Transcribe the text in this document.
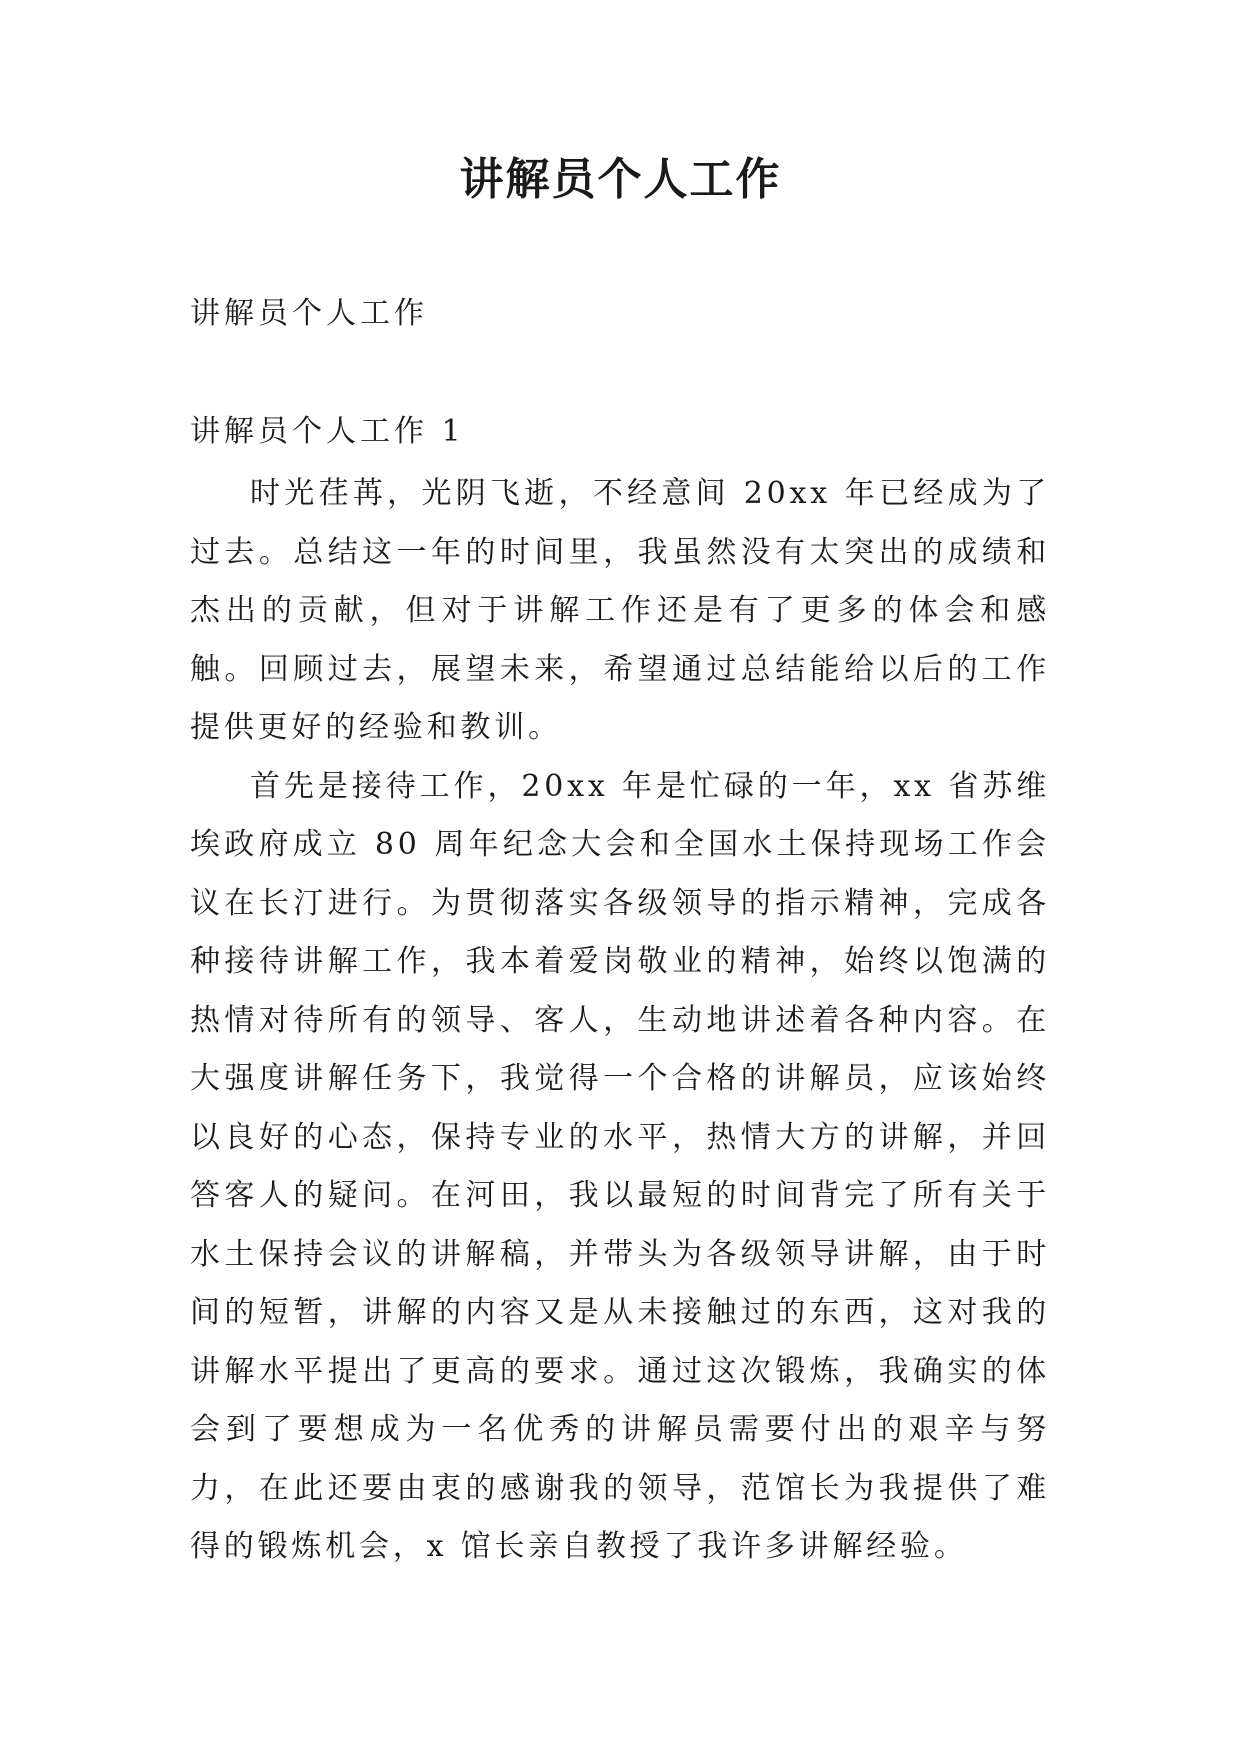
讲解员个人工作

讲解员个人工作

讲解员个人工作 1

时光荏苒，光阴飞逝，不经意间 20xx 年已经成为了过去。总结这一年的时间里，我虽然没有太突出的成绩和杰出的贡献，但对于讲解工作还是有了更多的体会和感触。回顾过去，展望未来，希望通过总结能给以后的工作提供更好的经验和教训。

首先是接待工作，20xx 年是忙碌的一年，xx 省苏维埃政府成立 80 周年纪念大会和全国水土保持现场工作会议在长汀进行。为贯彻落实各级领导的指示精神，完成各种接待讲解工作，我本着爱岗敬业的精神，始终以饱满的热情对待所有的领导、客人，生动地讲述着各种内容。在大强度讲解任务下，我觉得一个合格的讲解员，应该始终以良好的心态，保持专业的水平，热情大方的讲解，并回答客人的疑问。在河田，我以最短的时间背完了所有关于水土保持会议的讲解稿，并带头为各级领导讲解，由于时间的短暂，讲解的内容又是从未接触过的东西，这对我的讲解水平提出了更高的要求。通过这次锻炼，我确实的体会到了要想成为一名优秀的讲解员需要付出的艰辛与努力，在此还要由衷的感谢我的领导，范馆长为我提供了难得的锻炼机会，x 馆长亲自教授了我许多讲解经验。
